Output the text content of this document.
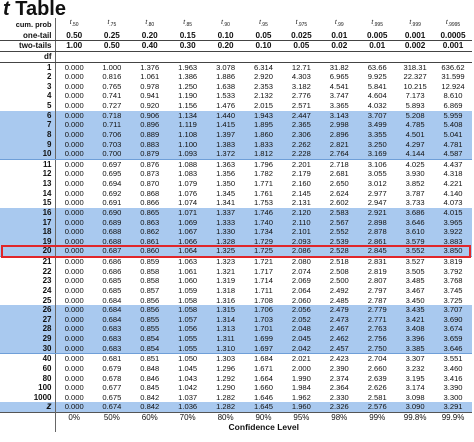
t Table
cum. prob	$t_{.50}$	$t_{.75}$	$t_{.80}$	$t_{.85}$	$t_{.90}$	$t_{.95}$	$t_{.975}$	$t_{.99}$	$t_{.995}$	$t_{.999}$	$t_{.9995}$
one-tail	0.50	0.25	0.20	0.15	0.10	0.05	0.025	0.01	0.005	0.001	0.0005
two-tails	1.00	0.50	0.40	0.30	0.20	0.10	0.05	0.02	0.01	0.002	0.001
df											
1	0.000	1.000	1.376	1.963	3.078	6.314	12.71	31.82	63.66	318.31	636.62
2	0.000	0.816	1.061	1.386	1.886	2.920	4.303	6.965	9.925	22.327	31.599
3	0.000	0.765	0.978	1.250	1.638	2.353	3.182	4.541	5.841	10.215	12.924
4	0.000	0.741	0.941	1.190	1.533	2.132	2.776	3.747	4.604	7.173	8.610
5	0.000	0.727	0.920	1.156	1.476	2.015	2.571	3.365	4.032	5.893	6.869
6	0.000	0.718	0.906	1.134	1.440	1.943	2.447	3.143	3.707	5.208	5.959
7	0.000	0.711	0.896	1.119	1.415	1.895	2.365	2.998	3.499	4.785	5.408
8	0.000	0.706	0.889	1.108	1.397	1.860	2.306	2.896	3.355	4.501	5.041
9	0.000	0.703	0.883	1.100	1.383	1.833	2.262	2.821	3.250	4.297	4.781
10	0.000	0.700	0.879	1.093	1.372	1.812	2.228	2.764	3.169	4.144	4.587
11	0.000	0.697	0.876	1.088	1.363	1.796	2.201	2.718	3.106	4.025	4.437
12	0.000	0.695	0.873	1.083	1.356	1.782	2.179	2.681	3.055	3.930	4.318
13	0.000	0.694	0.870	1.079	1.350	1.771	2.160	2.650	3.012	3.852	4.221
14	0.000	0.692	0.868	1.076	1.345	1.761	2.145	2.624	2.977	3.787	4.140
15	0.000	0.691	0.866	1.074	1.341	1.753	2.131	2.602	2.947	3.733	4.073
16	0.000	0.690	0.865	1.071	1.337	1.746	2.120	2.583	2.921	3.686	4.015
17	0.000	0.689	0.863	1.069	1.333	1.740	2.110	2.567	2.898	3.646	3.965
18	0.000	0.688	0.862	1.067	1.330	1.734	2.101	2.552	2.878	3.610	3.922
19	0.000	0.688	0.861	1.066	1.328	1.729	2.093	2.539	2.861	3.579	3.883
20	0.000	0.687	0.860	1.064	1.325	1.725	2.086	2.528	2.845	3.552	3.850
21	0.000	0.686	0.859	1.063	1.323	1.721	2.080	2.518	2.831	3.527	3.819
22	0.000	0.686	0.858	1.061	1.321	1.717	2.074	2.508	2.819	3.505	3.792
23	0.000	0.685	0.858	1.060	1.319	1.714	2.069	2.500	2.807	3.485	3.768
24	0.000	0.685	0.857	1.059	1.318	1.711	2.064	2.492	2.797	3.467	3.745
25	0.000	0.684	0.856	1.058	1.316	1.708	2.060	2.485	2.787	3.450	3.725
26	0.000	0.684	0.856	1.058	1.315	1.706	2.056	2.479	2.779	3.435	3.707
27	0.000	0.684	0.855	1.057	1.314	1.703	2.052	2.473	2.771	3.421	3.690
28	0.000	0.683	0.855	1.056	1.313	1.701	2.048	2.467	2.763	3.408	3.674
29	0.000	0.683	0.854	1.055	1.311	1.699	2.045	2.462	2.756	3.396	3.659
30	0.000	0.683	0.854	1.055	1.310	1.697	2.042	2.457	2.750	3.385	3.646
40	0.000	0.681	0.851	1.050	1.303	1.684	2.021	2.423	2.704	3.307	3.551
60	0.000	0.679	0.848	1.045	1.296	1.671	2.000	2.390	2.660	3.232	3.460
80	0.000	0.678	0.846	1.043	1.292	1.664	1.990	2.374	2.639	3.195	3.416
100	0.000	0.677	0.845	1.042	1.290	1.660	1.984	2.364	2.626	3.174	3.390
1000	0.000	0.675	0.842	1.037	1.282	1.646	1.962	2.330	2.581	3.098	3.300
z	0.000	0.674	0.842	1.036	1.282	1.645	1.960	2.326	2.576	3.090	3.291
	0%	50%	60%	70%	80%	90%	95%	98%	99%	99.8%	99.9%
	Confidence Level										
